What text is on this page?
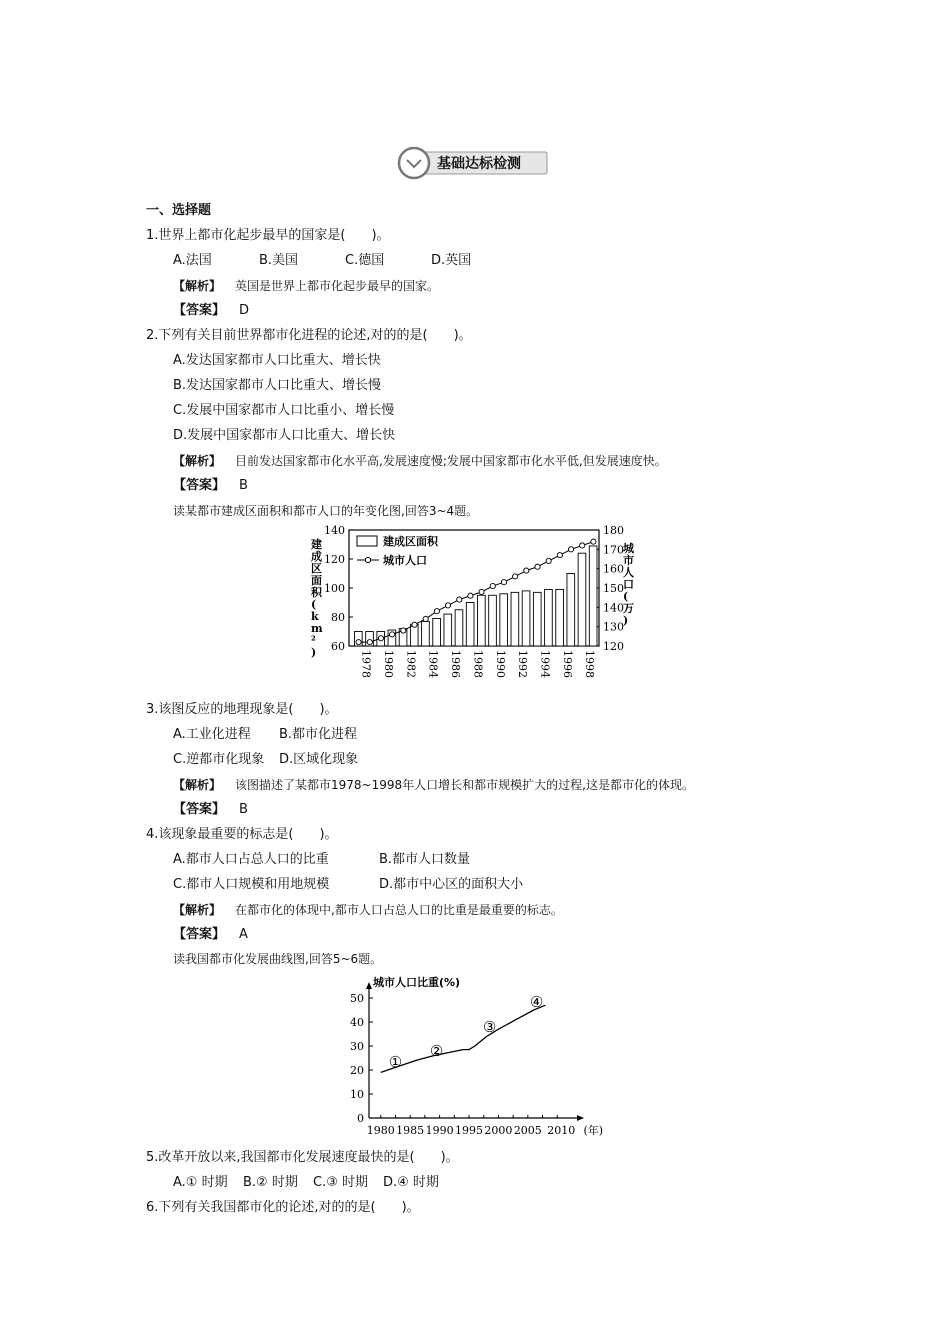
基础达标检测
一、选择题
1.世界上都市化起步最早的国家是(　　)。
A.法国	B.美国	C.德国	D.英国
【解析】 英国是世界上都市化起步最早的国家。
【答案】 D
2.下列有关目前世界都市化进程的论述,对的的是(　　)。
A.发达国家都市人口比重大、增长快
B.发达国家都市人口比重大、增长慢
C.发展中国家都市人口比重小、增长慢
D.发展中国家都市人口比重大、增长快
【解析】 目前发达国家都市化水平高,发展速度慢;发展中国家都市化水平低,但发展速度快。
【答案】 B
读某都市建成区面积和都市人口的年变化图,回答3~4题。
60
80
100
120
140
120
130
140
150
160
170
180
1978 1980 1982 1984 1986 1988 1990 1992 1994 1996 1998
建成区面积
城市人口
建成区面积( k m ² )
城市人口(万)
3.该图反应的地理现象是(　　)。
A.工业化进程 B.都市化进程
C.逆都市化现象 D.区域化现象
【解析】 该图描述了某都市1978~1998年人口增长和都市规模扩大的过程,这是都市化的体现。
【答案】 B
4.该现象最重要的标志是(　　)。
A.都市人口占总人口的比重	B.都市人口数量
C.都市人口规模和用地规模	D.都市中心区的面积大小
【解析】 在都市化的体现中,都市人口占总人口的比重是最重要的标志。
【答案】 A
读我国都市化发展曲线图,回答5~6题。
0
10
20
30
40
50
1980 1985 1990 1995 2000 2005 2010 (年)
城市人口比重(%)
①
②
③
④
5.改革开放以来,我国都市化发展速度最快的是(　　)。
A.① 时期 B.② 时期 C.③ 时期 D.④ 时期
6.下列有关我国都市化的论述,对的的是(　　)。
